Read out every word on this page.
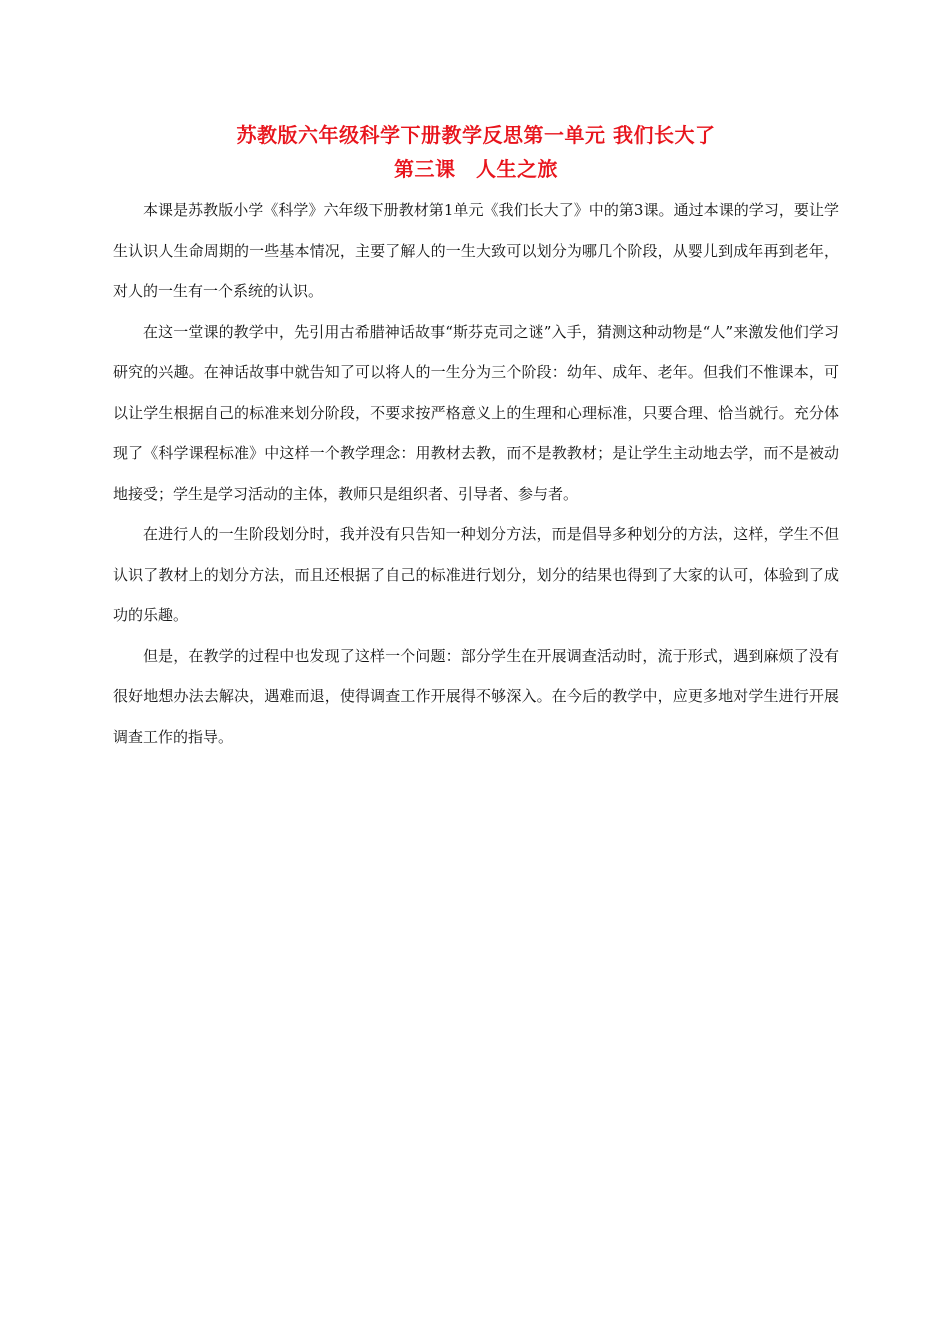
苏教版六年级科学下册教学反思第一单元 我们长大了
第三课　人生之旅

本课是苏教版小学《科学》六年级下册教材第1单元《我们长大了》中的第3课。通过本课的学习，要让学生认识人生命周期的一些基本情况，主要了解人的一生大致可以划分为哪几个阶段，从婴儿到成年再到老年，对人的一生有一个系统的认识。

在这一堂课的教学中，先引用古希腊神话故事“斯芬克司之谜”入手，猜测这种动物是“人”来激发他们学习研究的兴趣。在神话故事中就告知了可以将人的一生分为三个阶段：幼年、成年、老年。但我们不惟课本，可以让学生根据自己的标准来划分阶段，不要求按严格意义上的生理和心理标准，只要合理、恰当就行。充分体现了《科学课程标准》中这样一个教学理念：用教材去教，而不是教教材；是让学生主动地去学，而不是被动地接受；学生是学习活动的主体，教师只是组织者、引导者、参与者。

在进行人的一生阶段划分时，我并没有只告知一种划分方法，而是倡导多种划分的方法，这样，学生不但认识了教材上的划分方法，而且还根据了自己的标准进行划分，划分的结果也得到了大家的认可，体验到了成功的乐趣。

但是，在教学的过程中也发现了这样一个问题：部分学生在开展调查活动时，流于形式，遇到麻烦了没有很好地想办法去解决，遇难而退，使得调查工作开展得不够深入。在今后的教学中，应更多地对学生进行开展调查工作的指导。
